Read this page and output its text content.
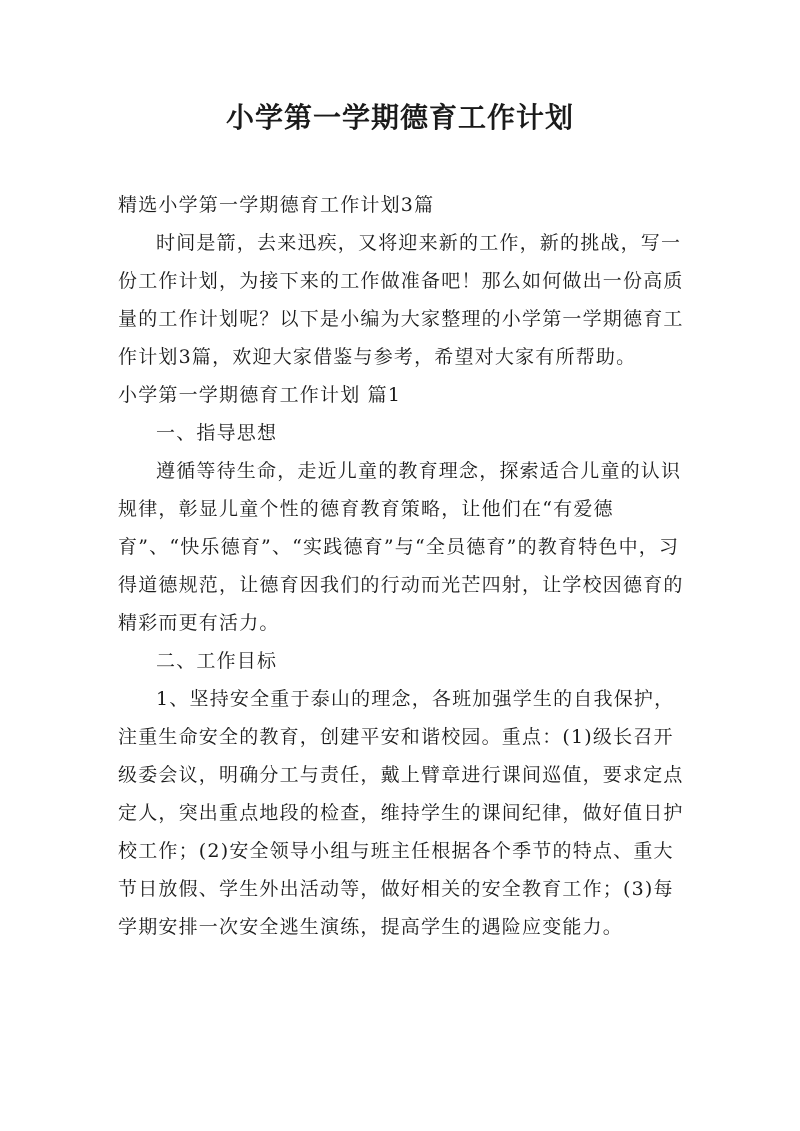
小学第一学期德育工作计划

精选小学第一学期德育工作计划3篇

时间是箭，去来迅疾，又将迎来新的工作，新的挑战，写一份工作计划，为接下来的工作做准备吧！那么如何做出一份高质量的工作计划呢？以下是小编为大家整理的小学第一学期德育工作计划3篇，欢迎大家借鉴与参考，希望对大家有所帮助。

小学第一学期德育工作计划 篇1

一、指导思想

遵循等待生命，走近儿童的教育理念，探索适合儿童的认识规律，彰显儿童个性的德育教育策略，让他们在“有爱德育”、“快乐德育”、“实践德育”与“全员德育”的教育特色中，习得道德规范，让德育因我们的行动而光芒四射，让学校因德育的精彩而更有活力。

二、工作目标

1、坚持安全重于泰山的理念，各班加强学生的自我保护，注重生命安全的教育，创建平安和谐校园。重点：(1)级长召开级委会议，明确分工与责任，戴上臂章进行课间巡值，要求定点定人，突出重点地段的检查，维持学生的课间纪律，做好值日护校工作；(2)安全领导小组与班主任根据各个季节的特点、重大节日放假、学生外出活动等，做好相关的安全教育工作；(3)每学期安排一次安全逃生演练，提高学生的遇险应变能力。
